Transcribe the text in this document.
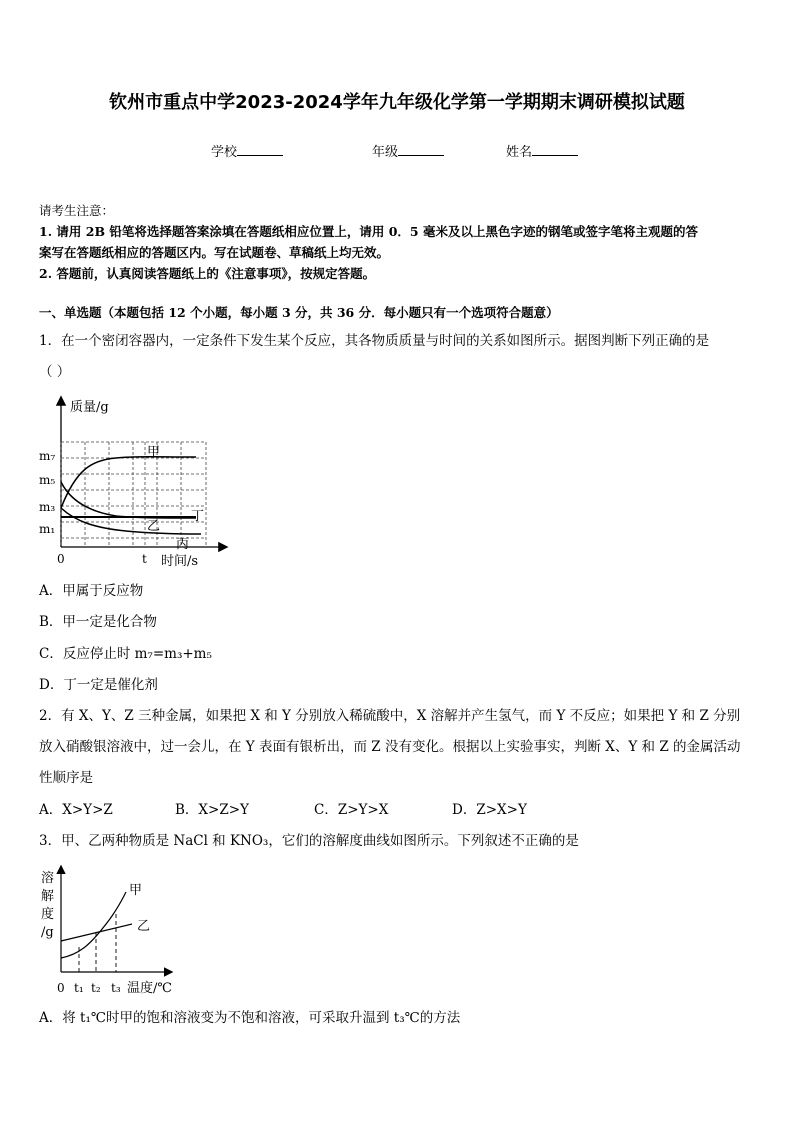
钦州市重点中学2023-2024学年九年级化学第一学期期末调研模拟试题
学校	年级	姓名
请考生注意：
1. 请用 2B 铅笔将选择题答案涂填在答题纸相应位置上，请用 0．5 毫米及以上黑色字迹的钢笔或签字笔将主观题的答
案写在答题纸相应的答题区内。写在试题卷、草稿纸上均无效。
2. 答题前，认真阅读答题纸上的《注意事项》，按规定答题。
一、单选题（本题包括 12 个小题，每小题 3 分，共 36 分．每小题只有一个选项符合题意）
1．在一个密闭容器内，一定条件下发生某个反应，其各物质质量与时间的关系如图所示。据图判断下列正确的是
（ ）
质量/g
时间/s
0	t
m₇
m₅
m₃
m₁
甲
乙
丙
丁
A．甲属于反应物
B．甲一定是化合物
C．反应停止时 m₇=m₃+m₅
D．丁一定是催化剂
2．有 X、Y、Z 三种金属，如果把 X 和 Y 分别放入稀硫酸中，X 溶解并产生氢气，而 Y 不反应；如果把 Y 和 Z 分别
放入硝酸银溶液中，过一会儿，在 Y 表面有银析出，而 Z 没有变化。根据以上实验事实，判断 X、Y 和 Z 的金属活动
性顺序是
A．X>Y>Z	B．X>Z>Y	C．Z>Y>X	D．Z>X>Y
3．甲、乙两种物质是 NaCl 和 KNO₃，它们的溶解度曲线如图所示。下列叙述不正确的是
溶
解
度
/g
0 t₁ t₂ t₃ 温度/℃
甲
乙
A．将 t₁℃时甲的饱和溶液变为不饱和溶液，可采取升温到 t₃℃的方法
